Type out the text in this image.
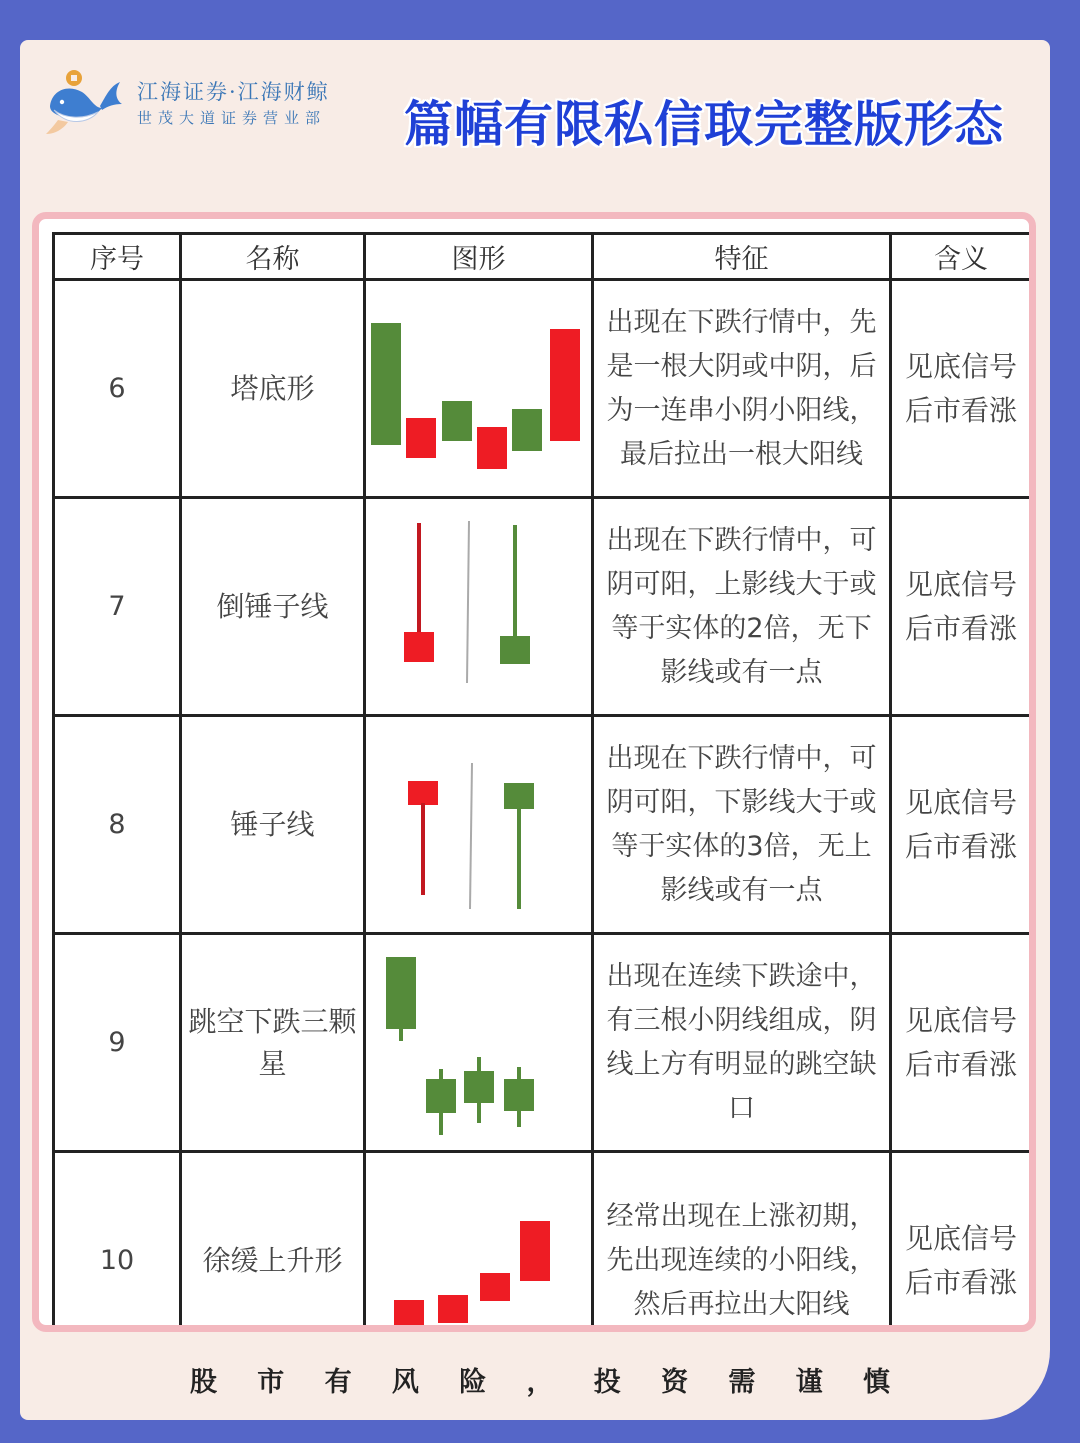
江海证券·江海财鲸
世茂大道证券营业部 篇幅有限私信取完整版形态
序号	名称	图形	特征	含义
6	塔底形		出现在下跌行情中，先是一根大阴或中阴，后为一连串小阴小阳线，最后拉出一根大阳线	见底信号后市看涨
7	倒锤子线		出现在下跌行情中，可阴可阳，上影线大于或等于实体的2倍，无下影线或有一点	见底信号后市看涨
8	锤子线		出现在下跌行情中，可阴可阳，下影线大于或等于实体的3倍，无上影线或有一点	见底信号后市看涨
9	跳空下跌三颗星		出现在连续下跌途中，有三根小阴线组成，阴线上方有明显的跳空缺口	见底信号后市看涨
10	徐缓上升形		经常出现在上涨初期，先出现连续的小阳线，然后再拉出大阳线	见底信号后市看涨
股 市 有 风 险 ， 投 资 需 谨 慎
